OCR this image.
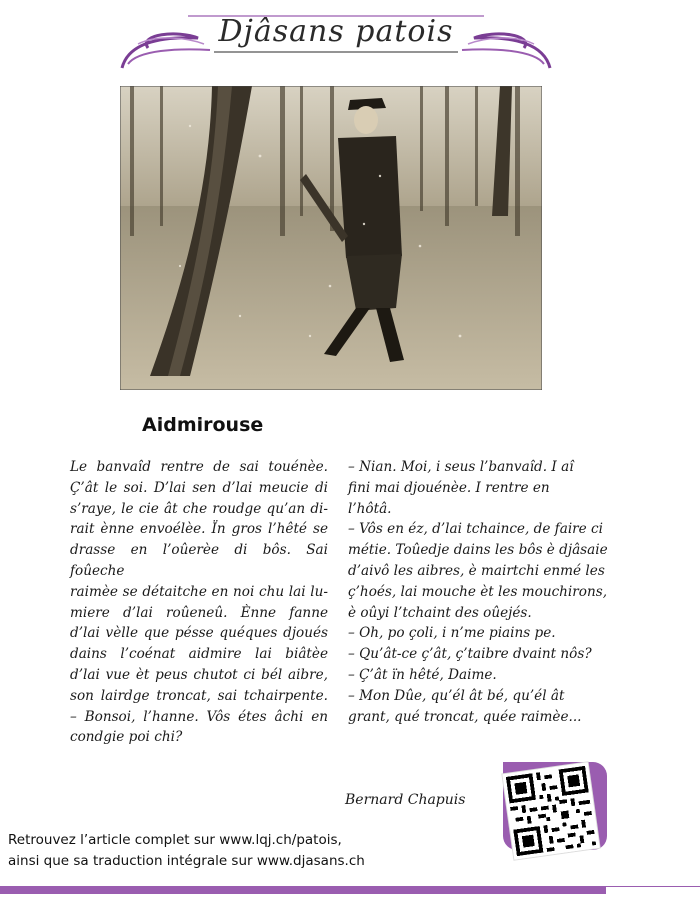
Djâsans patois
Aidmirouse
Le banvaîd rentre de sai touénèe.
Ç’ât le soi. D’lai sen d’lai meucie di
s’raye, le cie ât che roudge qu’an di-
rait ènne envoélèe. Ïn gros l’hêté se
drasse en l’oûerèe di bôs. Sai foûeche
raimèe se détaitche en noi chu lai lu-
miere d’lai roûeneû. Ènne fanne
d’lai vèlle que pésse quéques djoués
dains l’coénat aidmire lai biâtèe
d’lai vue èt peus chutot ci bél aibre,
son lairdge troncat, sai tchairpente.
– Bonsoi, l’hanne. Vôs étes âchi en
condgie poi chi?
– Nian. Moi, i seus l’banvaîd. I aî
fini mai djouénèe. I rentre en
l’hôtâ.
– Vôs en éz, d’lai tchaince, de faire ci
métie. Toûedje dains les bôs è djâsaie
d’aivô les aibres, è mairtchi enmé les
ç’hoés, lai mouche èt les mouchirons,
è oûyi l’tchaint des oûejés.
– Oh, po çoli, i n’me piains pe.
– Qu’ât-ce ç’ât, ç’taibre dvaint nôs?
– Ç’ât ïn hêté, Daime.
– Mon Dûe, qu’él ât bé, qu’él ât
grant, qué troncat, quée raimèe...
Bernard Chapuis
Retrouvez l’article complet sur www.lqj.ch/patois,
ainsi que sa traduction intégrale sur www.djasans.ch
